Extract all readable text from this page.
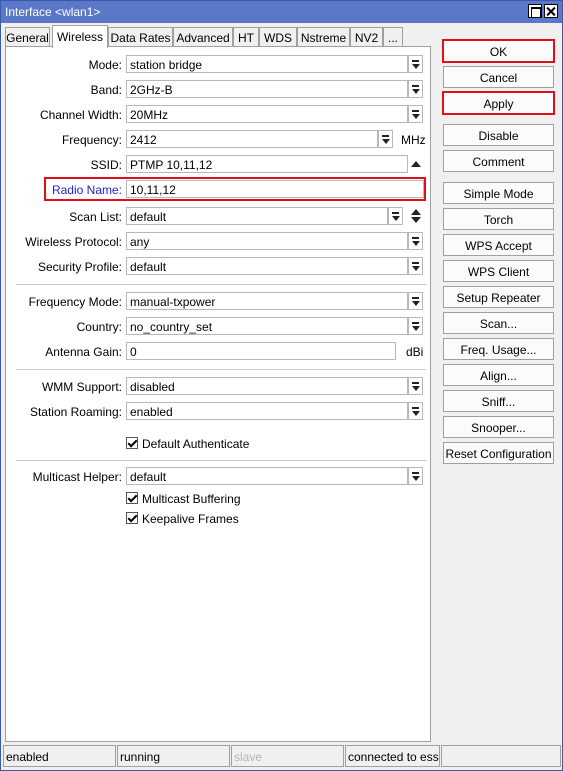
Interface <wlan1>
General Wireless Data Rates Advanced HT WDS Nstreme NV2 ...
Mode: station bridge
Band: 2GHz-B
Channel Width: 20MHz
Frequency: 2412	MHz
SSID: PTMP 10,11,12
Radio Name: 10,11,12
Scan List: default
Wireless Protocol: any
Security Profile: default
Frequency Mode: manual-txpower
Country: no_country_set
Antenna Gain: 0	dBi
WMM Support: disabled
Station Roaming: enabled
Default Authenticate
Multicast Helper: default
Multicast Buffering
Keepalive Frames
OK
Cancel
Apply
Disable
Comment
Simple Mode
Torch
WPS Accept
WPS Client
Setup Repeater
Scan...
Freq. Usage...
Align...
Sniff...
Snooper...
Reset Configuration
enabled	running	slave	connected to ess
